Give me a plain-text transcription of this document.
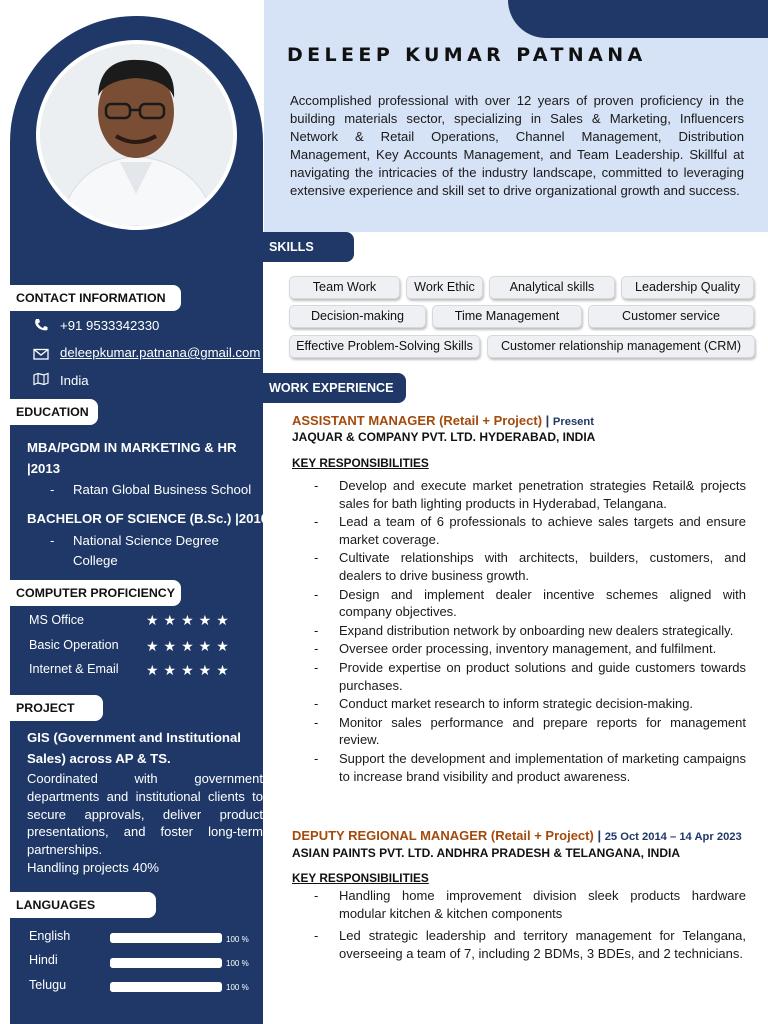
DELEEP KUMAR PATNANA
Accomplished professional with over 12 years of proven proficiency in the building materials sector, specializing in Sales & Marketing, Influencers Network & Retail Operations, Channel Management, Distribution Management, Key Accounts Management, and Team Leadership. Skillful at navigating the intricacies of the industry landscape, committed to leveraging extensive experience and skill set to drive organizational growth and success.
SKILLS
Team Work	Work Ethic	Analytical skills	Leadership Quality
Decision-making	Time Management	Customer service
Effective Problem-Solving Skills	Customer relationship management (CRM)
WORK EXPERIENCE
ASSISTANT MANAGER (Retail + Project) | Present
JAQUAR & COMPANY PVT. LTD. HYDERABAD, INDIA
KEY RESPONSIBILITIES
- Develop and execute market penetration strategies Retail& projects sales for bath lighting products in Hyderabad, Telangana.
- Lead a team of 6 professionals to achieve sales targets and ensure market coverage.
- Cultivate relationships with architects, builders, customers, and dealers to drive business growth.
- Design and implement dealer incentive schemes aligned with company objectives.
- Expand distribution network by onboarding new dealers strategically.
- Oversee order processing, inventory management, and fulfilment.
- Provide expertise on product solutions and guide customers towards purchases.
- Conduct market research to inform strategic decision-making.
- Monitor sales performance and prepare reports for management review.
- Support the development and implementation of marketing campaigns to increase brand visibility and product awareness.
DEPUTY REGIONAL MANAGER (Retail + Project) | 25 Oct 2014 – 14 Apr 2023
ASIAN PAINTS PVT. LTD. ANDHRA PRADESH & TELANGANA, INDIA
KEY RESPONSIBILITIES
- Handling home improvement division sleek products hardware modular kitchen & kitchen components
- Led strategic leadership and territory management for Telangana, overseeing a team of 7, including 2 BDMs, 3 BDEs, and 2 technicians.
CONTACT INFORMATION
+91 9533342330
deleepkumar.patnana@gmail.com
India
EDUCATION
MBA/PGDM IN MARKETING & HR
|2013
- Ratan Global Business School
BACHELOR OF SCIENCE (B.Sc.) |2010
- National Science Degree
College
COMPUTER PROFICIENCY
MS Office	★★★★★
Basic Operation ★★★★★
Internet & Email ★★★★★
PROJECT
GIS (Government and Institutional
Sales) across AP & TS.
Coordinated with government departments and institutional clients to secure approvals, deliver product presentations, and foster long-term partnerships.
Handling projects 40%
LANGUAGES
English	100 %
Hindi	100 %
Telugu	100 %
